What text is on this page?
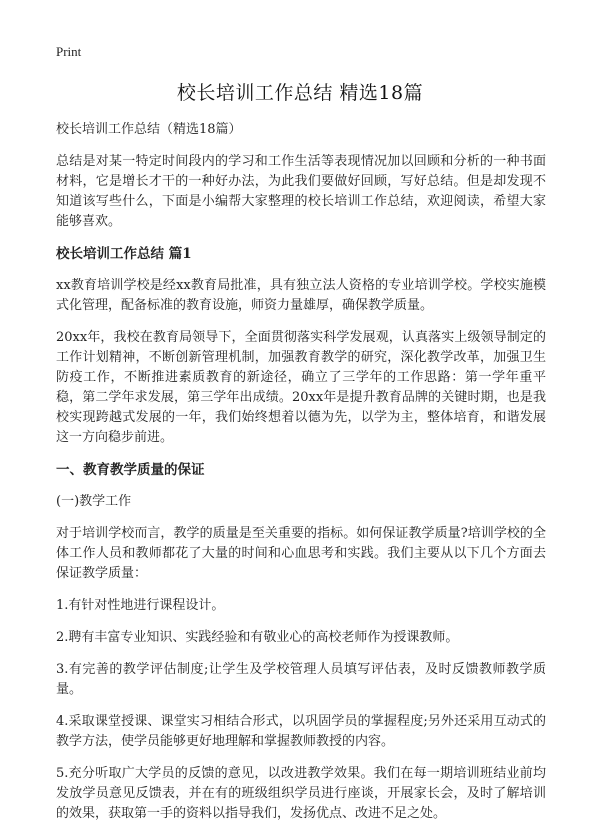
Print
校长培训工作总结 精选18篇

校长培训工作总结（精选18篇）

总结是对某一特定时间段内的学习和工作生活等表现情况加以回顾和分析的一种书面材料，它是增长才干的一种好办法，为此我们要做好回顾，写好总结。但是却发现不知道该写些什么，下面是小编帮大家整理的校长培训工作总结，欢迎阅读，希望大家能够喜欢。

校长培训工作总结 篇1

xx教育培训学校是经xx教育局批准，具有独立法人资格的专业培训学校。学校实施模式化管理，配备标准的教育设施，师资力量雄厚，确保教学质量。

20xx年，我校在教育局领导下，全面贯彻落实科学发展观，认真落实上级领导制定的工作计划精神，不断创新管理机制，加强教育教学的研究，深化教学改革，加强卫生防疫工作，不断推进素质教育的新途径，确立了三学年的工作思路：第一学年重平稳，第二学年求发展，第三学年出成绩。20xx年是提升教育品牌的关键时期，也是我校实现跨越式发展的一年，我们始终想着以德为先，以学为主，整体培育，和谐发展这一方向稳步前进。

一、教育教学质量的保证

(一)教学工作

对于培训学校而言，教学的质量是至关重要的指标。如何保证教学质量?培训学校的全体工作人员和教师都花了大量的时间和心血思考和实践。我们主要从以下几个方面去保证教学质量：

1.有针对性地进行课程设计。

2.聘有丰富专业知识、实践经验和有敬业心的高校老师作为授课教师。

3.有完善的教学评估制度;让学生及学校管理人员填写评估表，及时反馈教师教学质量。

4.采取课堂授课、课堂实习相结合形式，以巩固学员的掌握程度;另外还采用互动式的教学方法，使学员能够更好地理解和掌握教师教授的内容。

5.充分听取广大学员的反馈的意见，以改进教学效果。我们在每一期培训班结业前均发放学员意见反馈表，并在有的班级组织学员进行座谈，开展家长会，及时了解培训的效果，获取第一手的资料以指导我们，发扬优点、改进不足之处。
